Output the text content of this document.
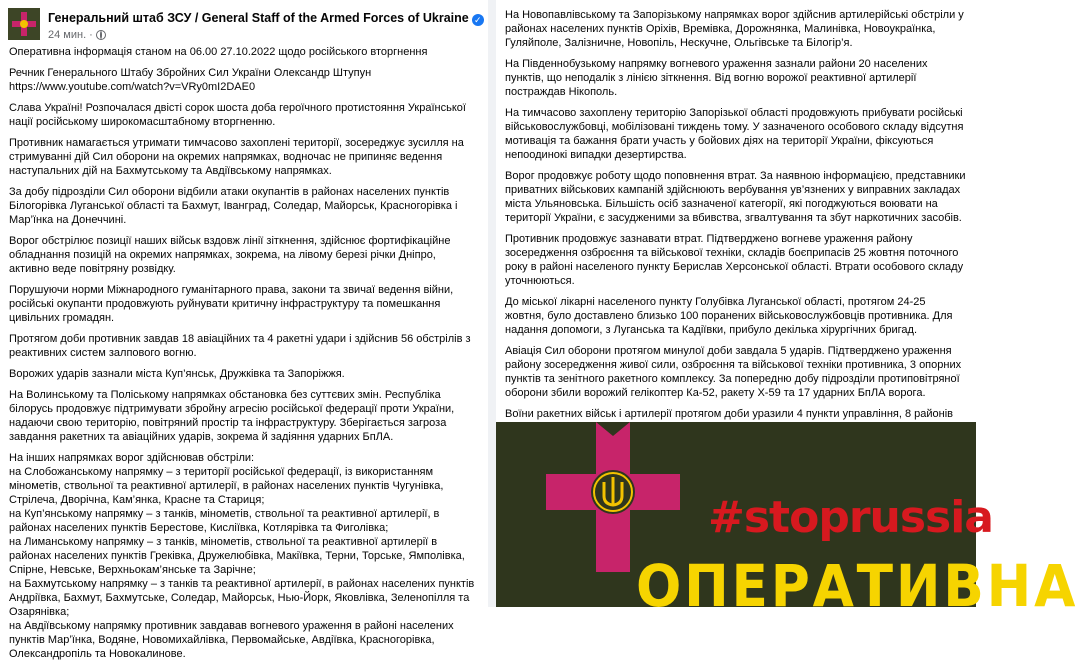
Генеральний штаб ЗСУ / General Staff of the Armed Forces of Ukraine ✓
24 мин. ·

Оперативна інформація станом на 06.00 27.10.2022 щодо російського вторгнення

Речник Генерального Штабу Збройних Сил України Олександр Штупун

https://www.youtube.com/watch?v=VRy0mI2DAE0

Слава Україні! Розпочалася двісті сорок шоста доба героїчного протистояння Української нації російському широкомасштабному вторгненню.

Противник намагається утримати тимчасово захоплені території, зосереджує зусилля на стримуванні дій Сил оборони на окремих напрямках, водночас не припиняє ведення наступальних дій на Бахмутському та Авдіївському напрямках.

За добу підрозділи Сил оборони відбили атаки окупантів в районах населених пунктів Білогорівка Луганської області та Бахмут, Іванград, Соледар, Майорськ, Красногорівка і Мар’їнка на Донеччині.

Ворог обстрілює позиції наших військ вздовж лінії зіткнення, здійснює фортифікаційне обладнання позицій на окремих напрямках, зокрема, на лівому березі річки Дніпро, активно веде повітряну розвідку.

Порушуючи норми Міжнародного гуманітарного права, закони та звичаї ведення війни, російські окупанти продовжують руйнувати критичну інфраструктуру та помешкання цивільних громадян.

Протягом доби противник завдав 18 авіаційних та 4 ракетні удари і здійснив 56 обстрілів з реактивних систем залпового вогню.

Ворожих ударів зазнали міста Куп’янськ, Дружківка та Запоріжжя.

На Волинському та Поліському напрямках обстановка без суттєвих змін. Республіка білорусь продовжує підтримувати збройну агресію російської федерації проти України, надаючи свою територію, повітряний простір та інфраструктуру. Зберігається загроза завдання ракетних та авіаційних ударів, зокрема й задіяння ударних БпЛА.

На інших напрямках ворог здійснював обстріли:

на Слобожанському напрямку – з території російської федерації, із використанням мінометів, ствольної та реактивної артилерії, в районах населених пунктів Чугунівка, Стрілеча, Дворічна, Кам’янка, Красне та Стариця;

на Куп’янському напрямку – з танків, мінометів, ствольної та реактивної артилерії, в районах населених пунктів Берестове, Кисліївка, Котлярівка та Фиголівка;

на Лиманському напрямку – з танків, мінометів, ствольної та реактивної артилерії в районах населених пунктів Греківка, Дружелюбівка, Макіївка, Терни, Торське, Ямполівка, Спірне, Невське, Верхньокам’янське та Зарічне;

на Бахмутському напрямку – з танків та реактивної артилерії, в районах населених пунктів Андріївка, Бахмут, Бахмутське, Соледар, Майорськ, Нью-Йорк, Яковлівка, Зеленопілля та Озарянівка;

на Авдіївському напрямку противник завдавав вогневого ураження в районі населених пунктів Мар’їнка, Водяне, Новомихайлівка, Первомайське, Авдіївка, Красногорівка, Олександропіль та Новокалинове.

На Новопавлівському та Запорізькому напрямках ворог здійснив артилерійські обстріли у районах населених пунктів Оріхів, Времівка, Дорожнянка, Малинівка, Новоукраїнка, Гуляйполе, Залізничне, Новопіль, Нескучне, Ольгівське та Білогір’я.

На Південнобузькому напрямку вогневого ураження зазнали райони 20 населених пунктів, що неподалік з лінією зіткнення. Від вогню ворожої реактивної артилерії постраждав Нікополь.

На тимчасово захоплену територію Запорізької області продовжують прибувати російські військовослужбовці, мобілізовані тиждень тому. У зазначеного особового складу відсутня мотивація та бажання брати участь у бойових діях на території України, фіксуються непоодинокі випадки дезертирства.

Ворог продовжує роботу щодо поповнення втрат. За наявною інформацією, представники приватних військових кампаній здійснюють вербування ув’язнених у виправних закладах міста Ульяновська. Більшість осіб зазначеної категорії, які погоджуються воювати на території України, є засудженими за вбивства, згвалтування та збут наркотичних засобів.

Противник продовжує зазнавати втрат. Підтверджено вогневе ураження району зосередження озброєння та військової техніки, складів боєприпасів 25 жовтня поточного року в районі населеного пункту Берислав Херсонської області. Втрати особового складу уточнюються.

До міської лікарні населеного пункту Голубівка Луганської області, протягом 24-25 жовтня, було доставлено близько 100 поранених військовослужбовців противника. Для надання допомоги, з Луганська та Кадіївки, прибуло декілька хірургічних бригад.

Авіація Сил оборони протягом минулої доби завдала 5 ударів. Підтверджено ураження району зосередження живої сили, озброєння та військової техніки противника, 3 опорних пунктів та зенітного ракетного комплексу. За попередню добу підрозділи протиповітряної оборони збили ворожий гелікоптер Ка-52, ракету Х-59 та 17 ударних БпЛА ворога.

Воїни ракетних військ і артилерії протягом доби уразили 4 пункти управління, 8 районів

#stoprussia
ОПЕРАТИВНА
